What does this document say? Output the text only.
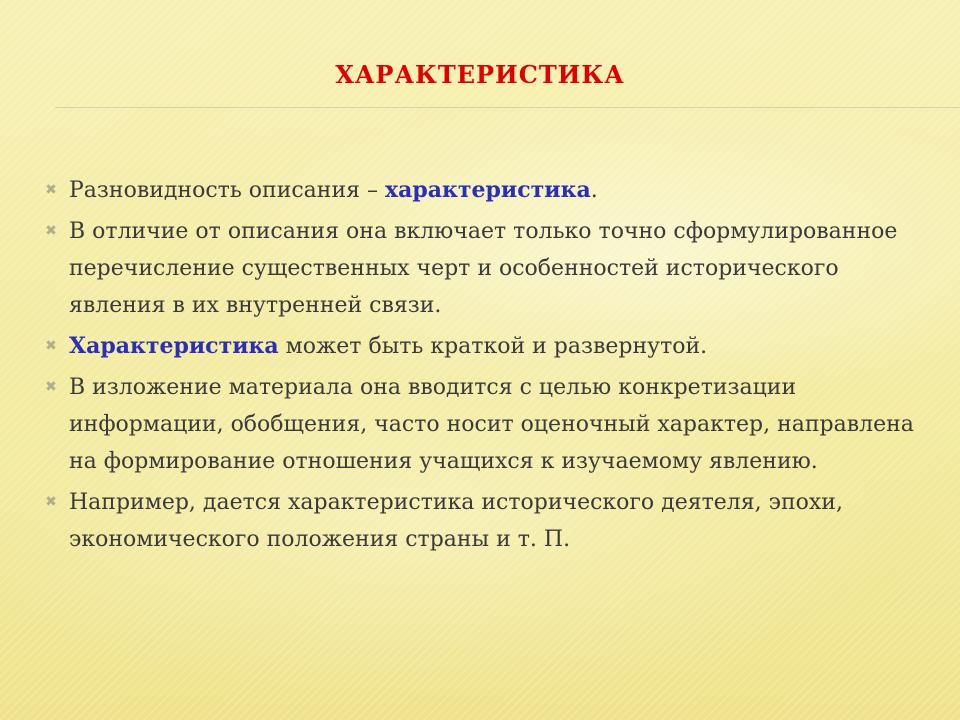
ХАРАКТЕРИСТИКА
✖ Разновидность описания – характеристика.
✖ В отличие от описания она включает только точно сформулированное перечисление существенных черт и особенностей исторического явления в их внутренней связи.
✖ Характеристика может быть краткой и развернутой.
✖ В изложение материала она вводится с целью конкретизации информации, обобщения, часто носит оценочный характер, направлена на формирование отношения учащихся к изучаемому явлению.
✖ Например, дается характеристика исторического деятеля, эпохи, экономического положения страны и т. П.
